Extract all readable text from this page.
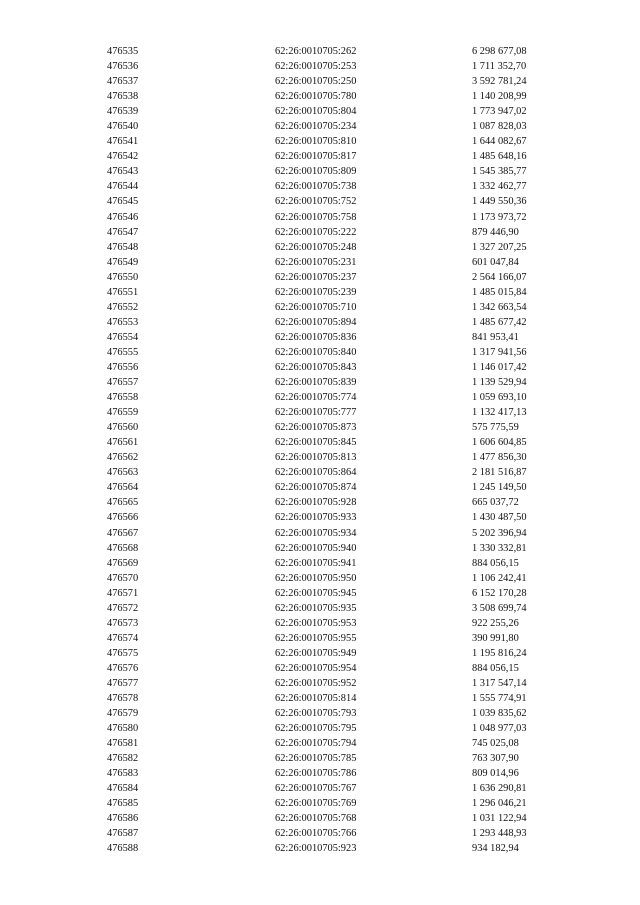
476535	62:26:0010705:262	6 298 677,08
476536	62:26:0010705:253	1 711 352,70
476537	62:26:0010705:250	3 592 781,24
476538	62:26:0010705:780	1 140 208,99
476539	62:26:0010705:804	1 773 947,02
476540	62:26:0010705:234	1 087 828,03
476541	62:26:0010705:810	1 644 082,67
476542	62:26:0010705:817	1 485 648,16
476543	62:26:0010705:809	1 545 385,77
476544	62:26:0010705:738	1 332 462,77
476545	62:26:0010705:752	1 449 550,36
476546	62:26:0010705:758	1 173 973,72
476547	62:26:0010705:222	879 446,90
476548	62:26:0010705:248	1 327 207,25
476549	62:26:0010705:231	601 047,84
476550	62:26:0010705:237	2 564 166,07
476551	62:26:0010705:239	1 485 015,84
476552	62:26:0010705:710	1 342 663,54
476553	62:26:0010705:894	1 485 677,42
476554	62:26:0010705:836	841 953,41
476555	62:26:0010705:840	1 317 941,56
476556	62:26:0010705:843	1 146 017,42
476557	62:26:0010705:839	1 139 529,94
476558	62:26:0010705:774	1 059 693,10
476559	62:26:0010705:777	1 132 417,13
476560	62:26:0010705:873	575 775,59
476561	62:26:0010705:845	1 606 604,85
476562	62:26:0010705:813	1 477 856,30
476563	62:26:0010705:864	2 181 516,87
476564	62:26:0010705:874	1 245 149,50
476565	62:26:0010705:928	665 037,72
476566	62:26:0010705:933	1 430 487,50
476567	62:26:0010705:934	5 202 396,94
476568	62:26:0010705:940	1 330 332,81
476569	62:26:0010705:941	884 056,15
476570	62:26:0010705:950	1 106 242,41
476571	62:26:0010705:945	6 152 170,28
476572	62:26:0010705:935	3 508 699,74
476573	62:26:0010705:953	922 255,26
476574	62:26:0010705:955	390 991,80
476575	62:26:0010705:949	1 195 816,24
476576	62:26:0010705:954	884 056,15
476577	62:26:0010705:952	1 317 547,14
476578	62:26:0010705:814	1 555 774,91
476579	62:26:0010705:793	1 039 835,62
476580	62:26:0010705:795	1 048 977,03
476581	62:26:0010705:794	745 025,08
476582	62:26:0010705:785	763 307,90
476583	62:26:0010705:786	809 014,96
476584	62:26:0010705:767	1 636 290,81
476585	62:26:0010705:769	1 296 046,21
476586	62:26:0010705:768	1 031 122,94
476587	62:26:0010705:766	1 293 448,93
476588	62:26:0010705:923	934 182,94
